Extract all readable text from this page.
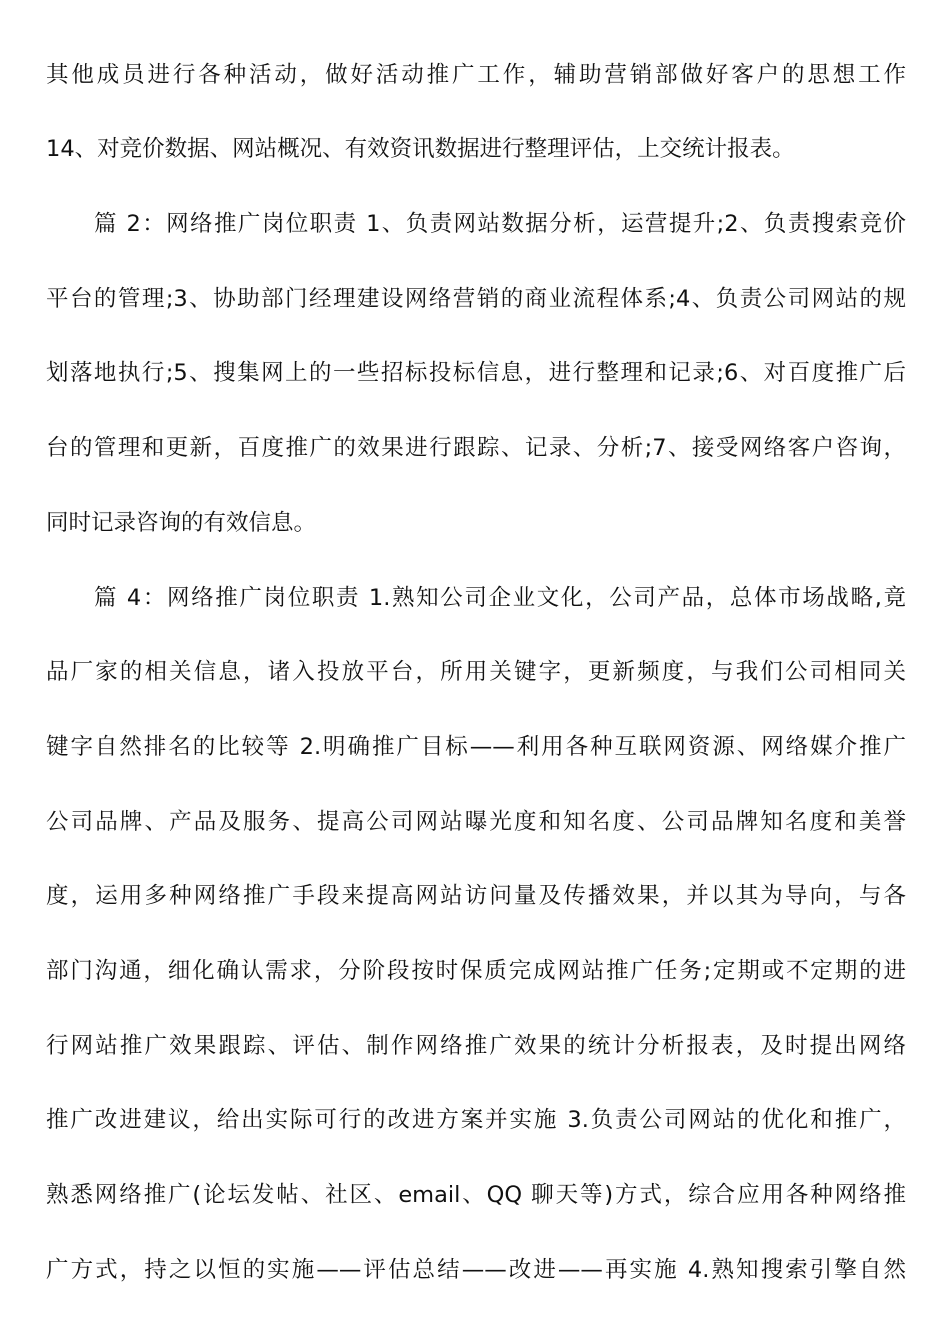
其他成员进行各种活动，做好活动推广工作，辅助营销部做好客户的思想工作
14、对竞价数据、网站概况、有效资讯数据进行整理评估，上交统计报表。
篇 2：网络推广岗位职责 1、负责网站数据分析，运营提升;2、负责搜索竞价
平台的管理;3、协助部门经理建设网络营销的商业流程体系;4、负责公司网站的规
划落地执行;5、搜集网上的一些招标投标信息，进行整理和记录;6、对百度推广后
台的管理和更新，百度推广的效果进行跟踪、记录、分析;7、接受网络客户咨询，
同时记录咨询的有效信息。
篇 4：网络推广岗位职责 1.熟知公司企业文化，公司产品，总体市场战略,竟
品厂家的相关信息，诸入投放平台，所用关键字，更新频度，与我们公司相同关
键字自然排名的比较等 2.明确推广目标——利用各种互联网资源、网络媒介推广
公司品牌、产品及服务、提高公司网站曝光度和知名度、公司品牌知名度和美誉
度，运用多种网络推广手段来提高网站访问量及传播效果，并以其为导向，与各
部门沟通，细化确认需求，分阶段按时保质完成网站推广任务;定期或不定期的进
行网站推广效果跟踪、评估、制作网络推广效果的统计分析报表，及时提出网络
推广改进建议，给出实际可行的改进方案并实施 3.负责公司网站的优化和推广，
熟悉网络推广(论坛发帖、社区、email、QQ 聊天等)方式，综合应用各种网络推
广方式，持之以恒的实施——评估总结——改进——再实施 4.熟知搜索引擎自然
